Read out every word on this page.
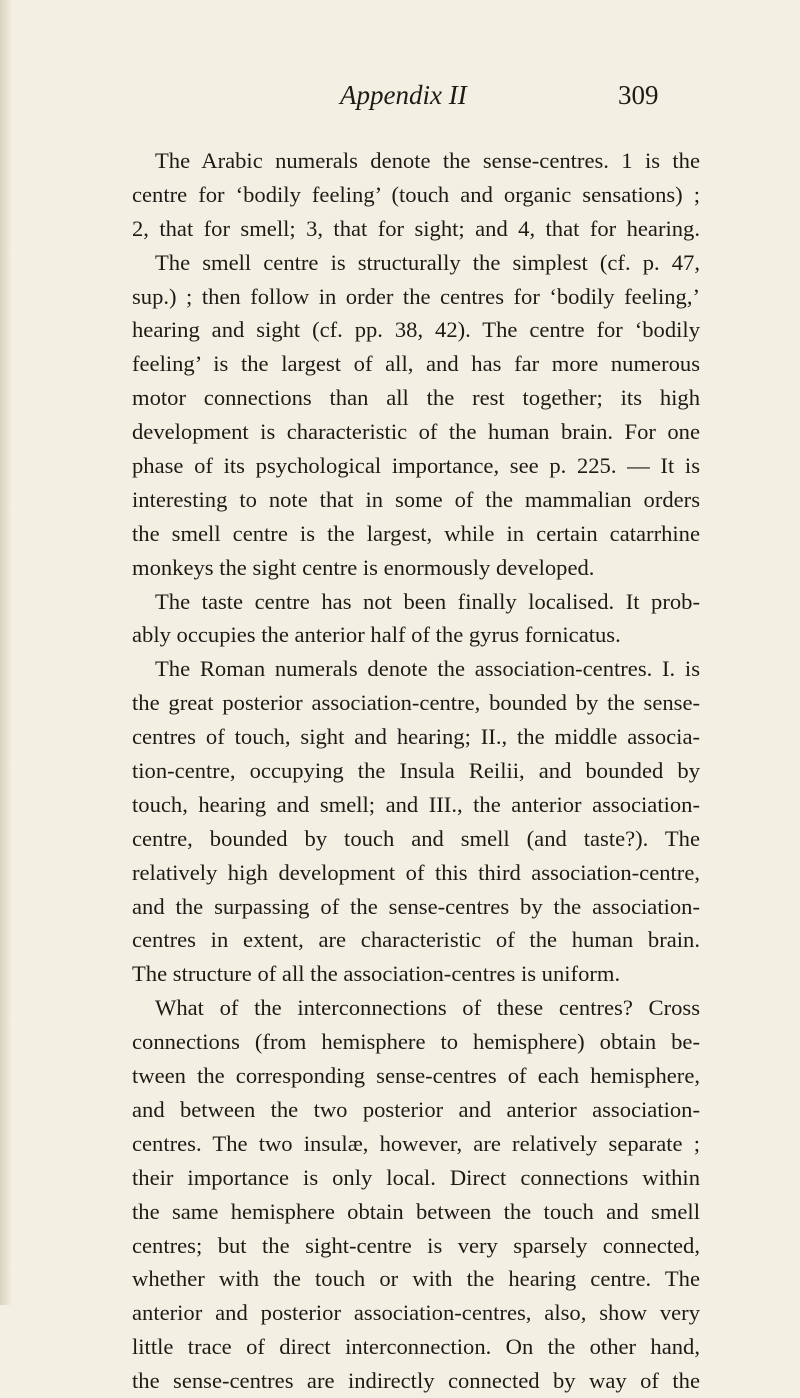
Appendix II	309
The Arabic numerals denote the sense-centres. 1 is the
centre for ‘bodily feeling’ (touch and organic sensations) ;
2, that for smell; 3, that for sight; and 4, that for hearing.
The smell centre is structurally the simplest (cf. p. 47,
sup.) ; then follow in order the centres for ‘bodily feeling,’
hearing and sight (cf. pp. 38, 42). The centre for ‘bodily
feeling’ is the largest of all, and has far more numerous
motor connections than all the rest together; its high
development is characteristic of the human brain. For one
phase of its psychological importance, see p. 225. — It is
interesting to note that in some of the mammalian orders
the smell centre is the largest, while in certain catarrhine
monkeys the sight centre is enormously developed.
The taste centre has not been finally localised. It prob-
ably occupies the anterior half of the gyrus fornicatus.
The Roman numerals denote the association-centres. I. is
the great posterior association-centre, bounded by the sense-
centres of touch, sight and hearing; II., the middle associa-
tion-centre, occupying the Insula Reilii, and bounded by
touch, hearing and smell; and III., the anterior association-
centre, bounded by touch and smell (and taste?). The
relatively high development of this third association-centre,
and the surpassing of the sense-centres by the association-
centres in extent, are characteristic of the human brain.
The structure of all the association-centres is uniform.
What of the interconnections of these centres? Cross
connections (from hemisphere to hemisphere) obtain be-
tween the corresponding sense-centres of each hemisphere,
and between the two posterior and anterior association-
centres. The two insulæ, however, are relatively separate ;
their importance is only local. Direct connections within
the same hemisphere obtain between the touch and smell
centres; but the sight-centre is very sparsely connected,
whether with the touch or with the hearing centre. The
anterior and posterior association-centres, also, show very
little trace of direct interconnection. On the other hand,
the sense-centres are indirectly connected by way of the
